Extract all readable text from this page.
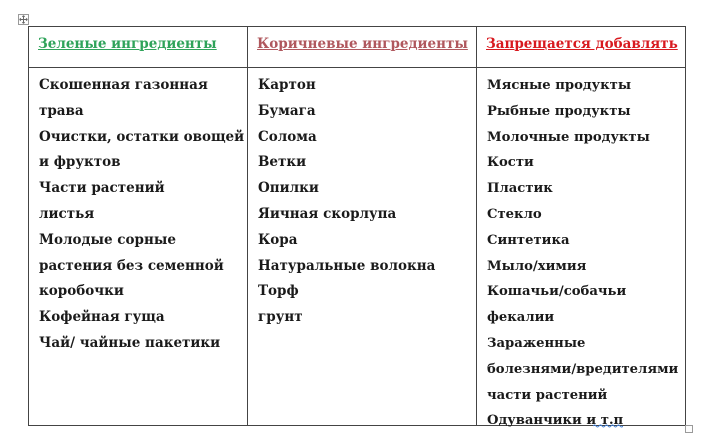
Зеленые ингредиенты
Скошенная газонная
трава
Очистки, остатки овощей
и фруктов
Части растений
листья
Молодые сорные
растения без семенной
коробочки
Кофейная гуща
Чай/ чайные пакетики
Коричневые ингредиенты
Картон
Бумага
Солома
Ветки
Опилки
Яичная скорлупа
Кора
Натуральные волокна
Торф
грунт
Запрещается добавлять
Мясные продукты
Рыбные продукты
Молочные продукты
Кости
Пластик
Стекло
Синтетика
Мыло/химия
Кошачьи/собачьи
фекалии
Зараженные
болезнями/вредителями
части растений
Одуванчики и т.п
